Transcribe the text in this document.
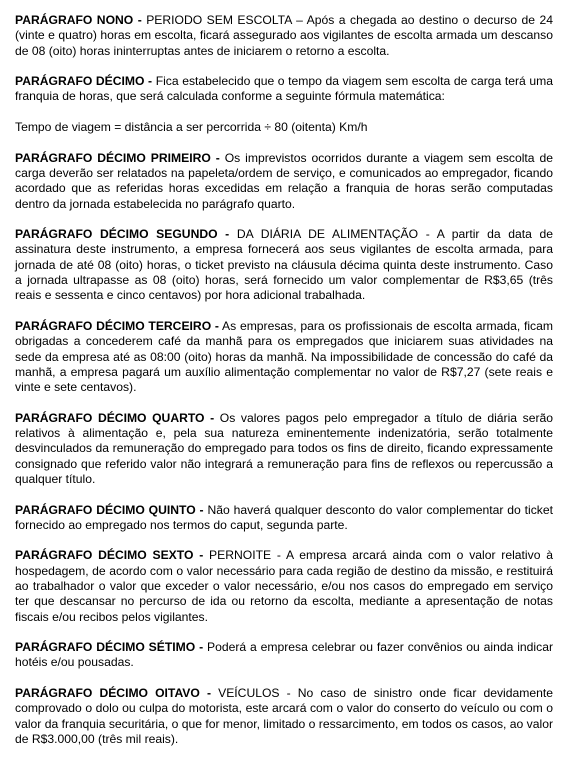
PARÁGRAFO NONO - PERIODO SEM ESCOLTA – Após a chegada ao destino o decurso de 24 (vinte e quatro) horas em escolta, ficará assegurado aos vigilantes de escolta armada um descanso de 08 (oito) horas ininterruptas antes de iniciarem o retorno a escolta.

PARÁGRAFO DÉCIMO - Fica estabelecido que o tempo da viagem sem escolta de carga terá uma franquia de horas, que será calculada conforme a seguinte fórmula matemática:

Tempo de viagem = distância a ser percorrida ÷ 80 (oitenta) Km/h

PARÁGRAFO DÉCIMO PRIMEIRO - Os imprevistos ocorridos durante a viagem sem escolta de carga deverão ser relatados na papeleta/ordem de serviço, e comunicados ao empregador, ficando acordado que as referidas horas excedidas em relação a franquia de horas serão computadas dentro da jornada estabelecida no parágrafo quarto.

PARÁGRAFO DÉCIMO SEGUNDO - DA DIÁRIA DE ALIMENTAÇÃO - A partir da data de assinatura deste instrumento, a empresa fornecerá aos seus vigilantes de escolta armada, para jornada de até 08 (oito) horas, o ticket previsto na cláusula décima quinta deste instrumento. Caso a jornada ultrapasse as 08 (oito) horas, será fornecido um valor complementar de R$3,65 (três reais e sessenta e cinco centavos) por hora adicional trabalhada.

PARÁGRAFO DÉCIMO TERCEIRO - As empresas, para os profissionais de escolta armada, ficam obrigadas a concederem café da manhã para os empregados que iniciarem suas atividades na sede da empresa até as 08:00 (oito) horas da manhã. Na impossibilidade de concessão do café da manhã, a empresa pagará um auxílio alimentação complementar no valor de R$7,27 (sete reais e vinte e sete centavos).

PARÁGRAFO DÉCIMO QUARTO - Os valores pagos pelo empregador a título de diária serão relativos à alimentação e, pela sua natureza eminentemente indenizatória, serão totalmente desvinculados da remuneração do empregado para todos os fins de direito, ficando expressamente consignado que referido valor não integrará a remuneração para fins de reflexos ou repercussão a qualquer título.

PARÁGRAFO DÉCIMO QUINTO - Não haverá qualquer desconto do valor complementar do ticket fornecido ao empregado nos termos do caput, segunda parte.

PARÁGRAFO DÉCIMO SEXTO - PERNOITE - A empresa arcará ainda com o valor relativo à hospedagem, de acordo com o valor necessário para cada região de destino da missão, e restituirá ao trabalhador o valor que exceder o valor necessário, e/ou nos casos do empregado em serviço ter que descansar no percurso de ida ou retorno da escolta, mediante a apresentação de notas fiscais e/ou recibos pelos vigilantes.

PARÁGRAFO DÉCIMO SÉTIMO - Poderá a empresa celebrar ou fazer convênios ou ainda indicar hotéis e/ou pousadas.

PARÁGRAFO DÉCIMO OITAVO - VEÍCULOS - No caso de sinistro onde ficar devidamente comprovado o dolo ou culpa do motorista, este arcará com o valor do conserto do veículo ou com o valor da franquia securitária, o que for menor, limitado o ressarcimento, em todos os casos, ao valor de R$3.000,00 (três mil reais).
